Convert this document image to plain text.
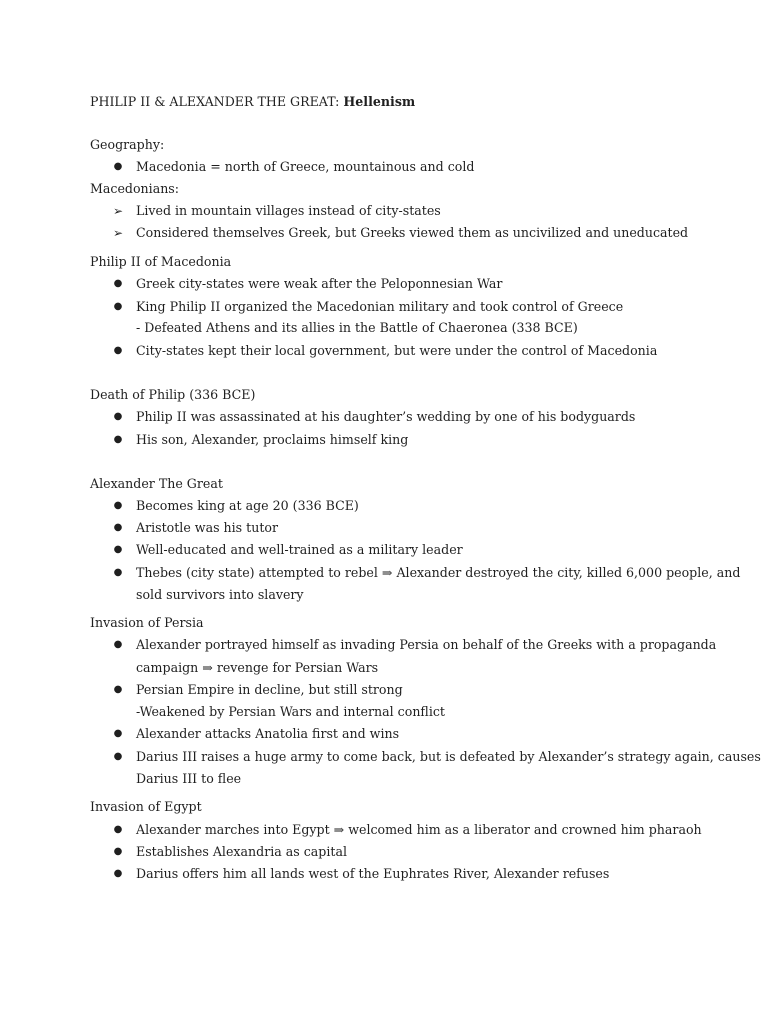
PHILIP II & ALEXANDER THE GREAT: Hellenism
Geography:
● Macedonia = north of Greece, mountainous and cold
Macedonians:
➢ Lived in mountain villages instead of city-states
➢ Considered themselves Greek, but Greeks viewed them as uncivilized and uneducated
Philip II of Macedonia
● Greek city-states were weak after the Peloponnesian War
● King Philip II organized the Macedonian military and took control of Greece
- Defeated Athens and its allies in the Battle of Chaeronea (338 BCE)
● City-states kept their local government, but were under the control of Macedonia
Death of Philip (336 BCE)
● Philip II was assassinated at his daughter’s wedding by one of his bodyguards
● His son, Alexander, proclaims himself king
Alexander The Great
● Becomes king at age 20 (336 BCE)
● Aristotle was his tutor
● Well-educated and well-trained as a military leader
● Thebes (city state) attempted to rebel ⇒ Alexander destroyed the city, killed 6,000 people, and
sold survivors into slavery
Invasion of Persia
● Alexander portrayed himself as invading Persia on behalf of the Greeks with a propaganda
campaign ⇒ revenge for Persian Wars
● Persian Empire in decline, but still strong
-Weakened by Persian Wars and internal conflict
● Alexander attacks Anatolia first and wins
● Darius III raises a huge army to come back, but is defeated by Alexander’s strategy again, causes
Darius III to flee
Invasion of Egypt
● Alexander marches into Egypt ⇒ welcomed him as a liberator and crowned him pharaoh
● Establishes Alexandria as capital
● Darius offers him all lands west of the Euphrates River, Alexander refuses
